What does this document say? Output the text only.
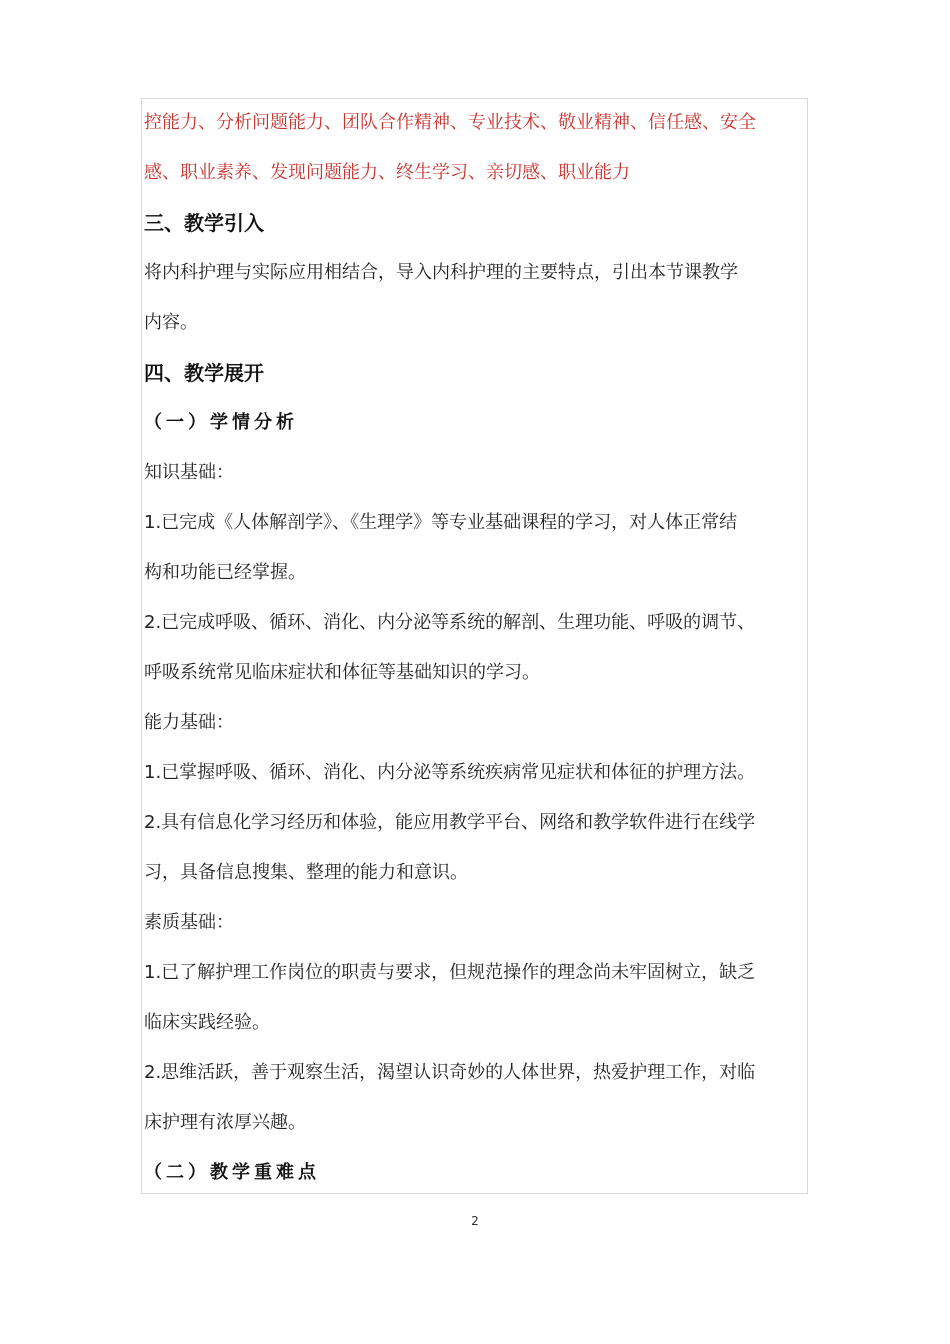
控能力、分析问题能力、团队合作精神、专业技术、敬业精神、信任感、安全
感、职业素养、发现问题能力、终生学习、亲切感、职业能力
三、教学引入
将内科护理与实际应用相结合，导入内科护理的主要特点，引出本节课教学
内容。
四、教学展开
（一）学情分析
知识基础：
1.已完成《人体解剖学》、《生理学》等专业基础课程的学习，对人体正常结
构和功能已经掌握。
2.已完成呼吸、循环、消化、内分泌等系统的解剖、生理功能、呼吸的调节、
呼吸系统常见临床症状和体征等基础知识的学习。
能力基础：
1.已掌握呼吸、循环、消化、内分泌等系统疾病常见症状和体征的护理方法。
2.具有信息化学习经历和体验，能应用教学平台、网络和教学软件进行在线学
习，具备信息搜集、整理的能力和意识。
素质基础：
1.已了解护理工作岗位的职责与要求，但规范操作的理念尚未牢固树立，缺乏
临床实践经验。
2.思维活跃，善于观察生活，渴望认识奇妙的人体世界，热爱护理工作，对临
床护理有浓厚兴趣。
（二）教学重难点
2
